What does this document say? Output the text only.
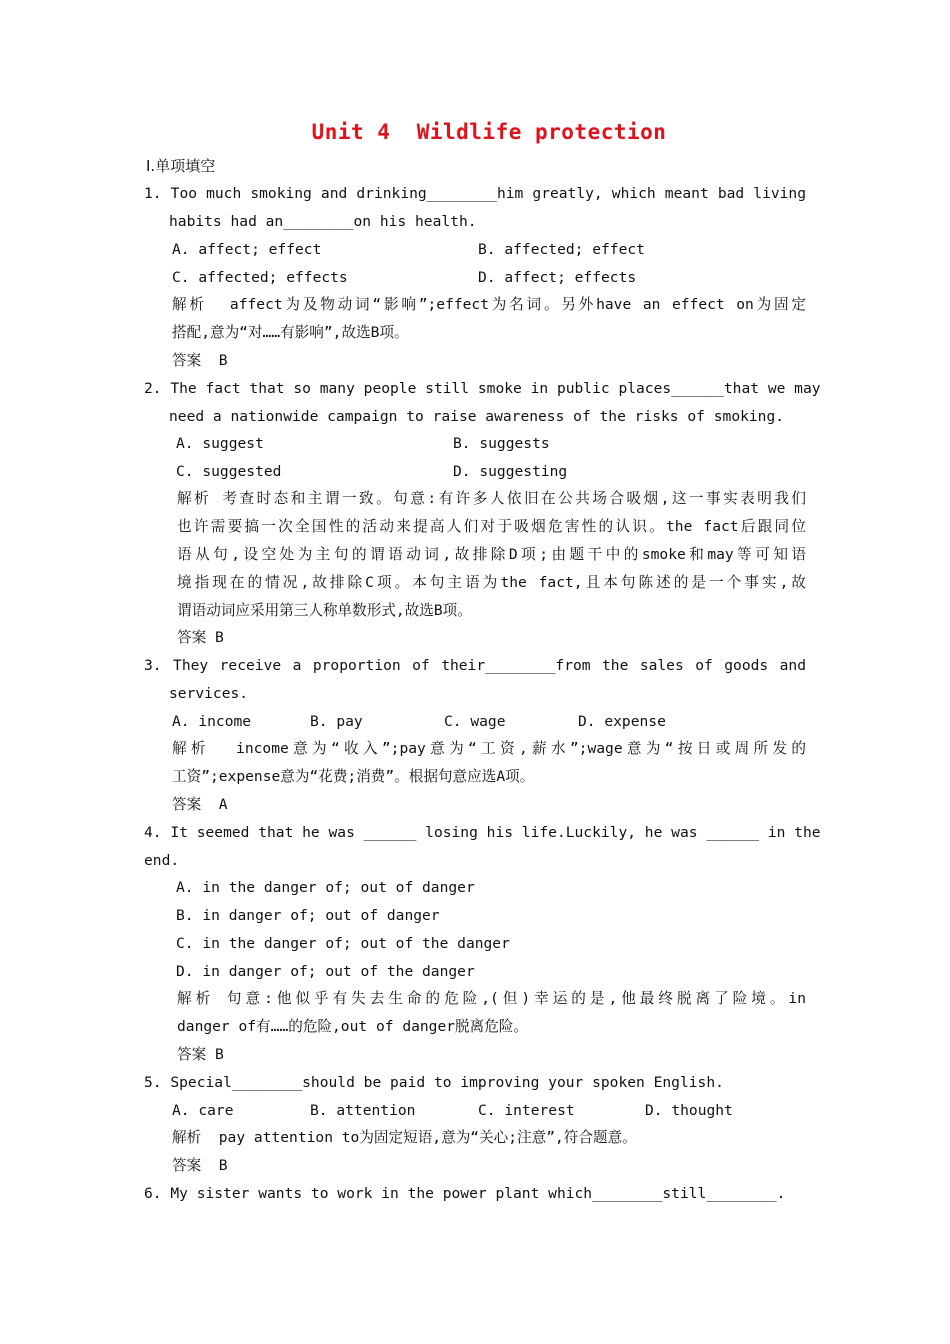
Unit 4  Wildlife protection
Ⅰ.单项填空
1. Too much smoking and drinking________him greatly, which meant bad living
habits had an________on his health.
A. affect; effect	B. affected; effect
C. affected; effects	D. affect; effects
解析  affect为及物动词“影响”;effect为名词。另外have an effect on为固定
搭配,意为“对……有影响”,故选B项。
答案  B
2. The fact that so many people still smoke in public places______that we may
need a nationwide campaign to raise awareness of the risks of smoking.
A. suggest	B. suggests
C. suggested	D. suggesting
解析 考查时态和主谓一致。句意:有许多人依旧在公共场合吸烟,这一事实表明我们
也许需要搞一次全国性的活动来提高人们对于吸烟危害性的认识。the fact后跟同位
语从句,设空处为主句的谓语动词,故排除D项;由题干中的smoke和may等可知语
境指现在的情况,故排除C项。本句主语为the fact,且本句陈述的是一个事实,故
谓语动词应采用第三人称单数形式,故选B项。
答案 B
3. They receive a proportion of their________from the sales of goods and
services.
A. income	B. pay	C. wage	D. expense
解析  income意为“收入”;pay意为“工资,薪水”;wage意为“按日或周所发的
工资”;expense意为“花费;消费”。根据句意应选A项。
答案  A
4. It seemed that he was ______ losing his life.Luckily, he was ______ in the
end.
A. in the danger of; out of danger
B. in danger of; out of danger
C. in the danger of; out of the danger
D. in danger of; out of the danger
解析 句意:他似乎有失去生命的危险,(但)幸运的是,他最终脱离了险境。in
danger of有……的危险,out of danger脱离危险。
答案 B
5. Special________should be paid to improving your spoken English.
A. care	B. attention	C. interest	D. thought
解析  pay attention to为固定短语,意为“关心;注意”,符合题意。
答案  B
6. My sister wants to work in the power plant which________still________.
